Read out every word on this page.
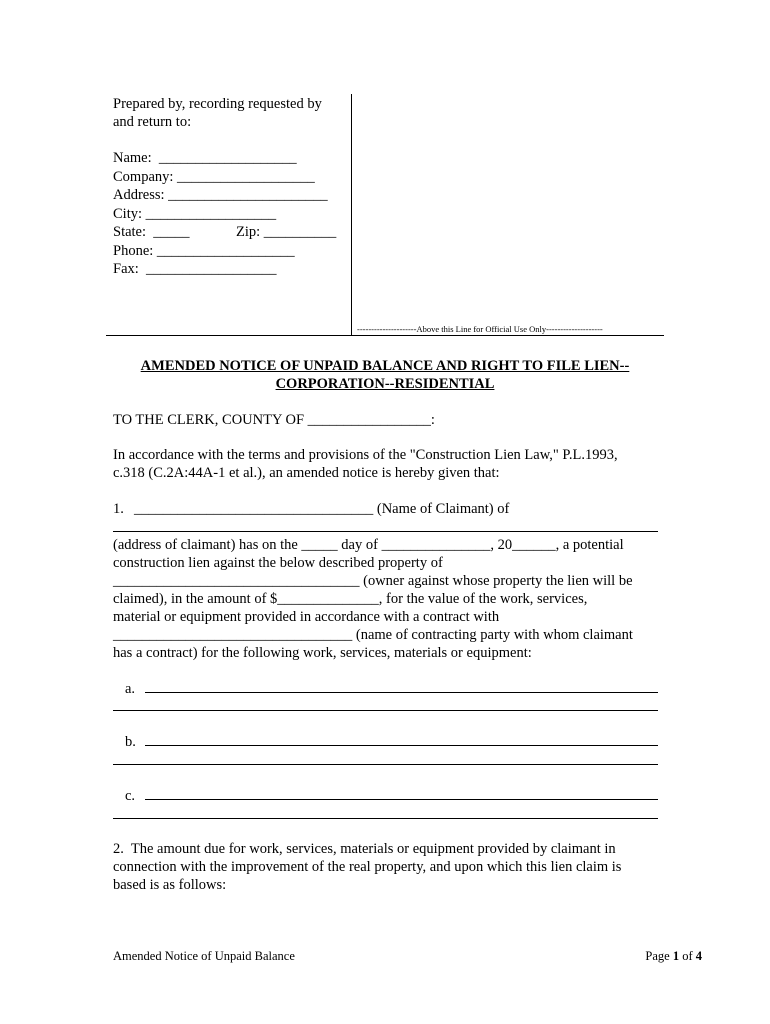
Prepared by, recording requested by
and return to:
Name:  ___________________
Company: ___________________
Address: ______________________
City: __________________
State:  _____	Zip: __________
Phone: ___________________
Fax:  __________________
---------------------Above this Line for Official Use Only--------------------
AMENDED NOTICE OF UNPAID BALANCE AND RIGHT TO FILE LIEN--
CORPORATION--RESIDENTIAL
TO THE CLERK, COUNTY OF _________________:
In accordance with the terms and provisions of the "Construction Lien Law," P.L.1993,
c.318 (C.2A:44A-1 et al.), an amended notice is hereby given that:
1. _________________________________ (Name of Claimant) of
(address of claimant) has on the _____ day of _______________, 20______, a potential
construction lien against the below described property of
__________________________________ (owner against whose property the lien will be
claimed), in the amount of $______________, for the value of the work, services,
material or equipment provided in accordance with a contract with
_________________________________ (name of contracting party with whom claimant
has a contract) for the following work, services, materials or equipment:
a.
b.
c.
2.  The amount due for work, services, materials or equipment provided by claimant in
connection with the improvement of the real property, and upon which this lien claim is
based is as follows:
Amended Notice of Unpaid Balance	Page 1 of 4
